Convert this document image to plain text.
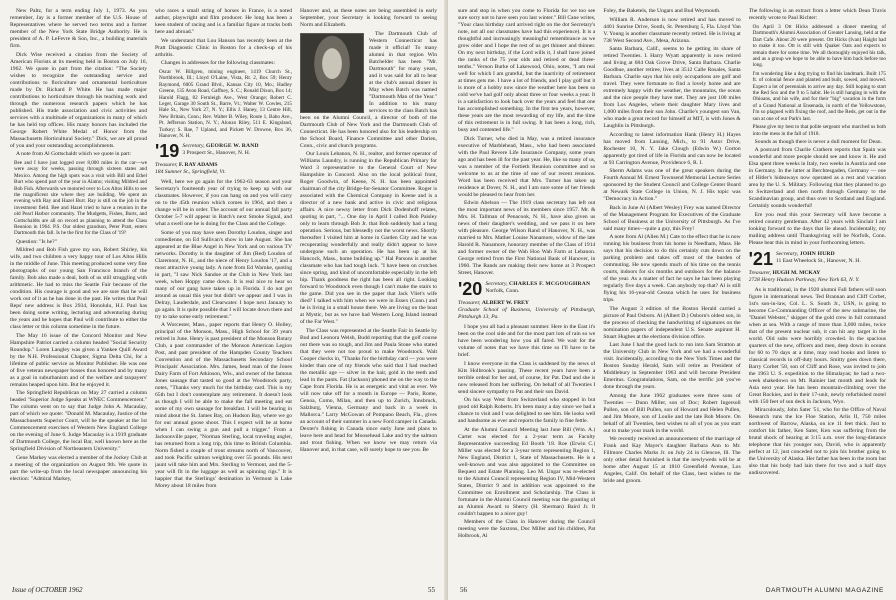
New Paltz, for a term ending July 1, 1973. As you remember, Jay is a former member of the U.S. House of Representatives where he served two terms and a former member of the New York State Bridge Authority. He is president of A. P. LeFevre & Son, Inc., a building materials firm.

Dick Wise received a citation from the Society of American Florists at its meeting held in Boston on July 16, 1962. We quote in part from the citation: "The Society wishes to recognize the outstanding service and contributions to floriculture and ornamental horticulture made by Dr. Richard P. White. He has made major contributions to horticulture through his teaching work and through the numerous research papers which he has published. His trade association and civic activities and services with a multitude of organizations in many of which he has held top offices. His many honors has included the George Robert White Medal of Honor from the Massachusetts Horticultural Society." Dick, we are all proud of you and your outstanding accomplishments.

A note from Al Gottschaldt which we quote in part:

Bee and I have just logged over 8,000 miles in the car—we were away for weeks, passing through sixteen states and Mexico. Among the high spots was a visit with Bill and Ethel Burt who spend part of the year in Alamo; visiting Mildred and Bob Fish. Afterwards we motored over to Los Altos Hills to see the magnificent site where they are building. We spent an evening with Ray and Hazel Burr. Ray is still on the job in the investment field. Bee and Hazel tried to have a reunion in the old Pearl Harbor community. The Mudgetts, Fishes, Burts, and Gottschaldts are all on record as planning to attend the Class Reunion in 1964. P.S. Our oldest grandson, Peter Pratt, enters Dartmouth this fall. Is he the first for the Class of '19?

Question: "Is he?"

Mildred and Bob Fish gave my son, Robert Shirley, his wife, and two children a very happy tour of Los Altos Hills in the middle of June. This meeting produced some very fine photographs of our young San Francisco branch of the family. Bob also made a deal, both of us still struggling with arithmetic. He had to miss the Seattle Fair because of the condition. His courage is good and we are sure that he will work out of it as he has done in the past. He writes that Paul Reps' new address is Box 2934, Honolulu, H.I. Paul has been doing some writing, lecturing and adventuring during the years and he hopes that Paul will contribute to either the class letter or this column sometime in the future.

The May 16 issue of the Concord Monitor and New Hampshire Patriot carried a column headed "Social Security Roundup." Loren Langley was given a Yankee Quill Award by the N.H. Professional Chapter, Sigma Delta Chi, for a lifetime of public service as Monitor Publisher. He was one of five veteran newspaper bosses thus honored and by many as a goal in suburbanism and of the welfare and taxpayers' remains heaped upon him. But he enjoyed it.

The Springfield Republican on May 27 carried a column headed "Superior Judge Speaks at WNEC Commencement." The column went on to say that Judge John A. Macaulay, part of which we quote: "Donald M. Macaulay, Justice of the Massachusetts Superior Court, will be the speaker at the 1st Commencement exercises of Western New England College on the evening of June 6. Judge Macaulay is a 1919 graduate of Dartmouth College, the local Bar, well known here as the Springfield Division of Northeastern University."

Gene Markey was elected a member of the Jockey Club at a meeting of the organization on August 9th. We quote in part the write-up from the local newspaper announcing his election: "Admiral Markey,

who races a small string of horses in France, is a noted author, playwright and film producer. He long has been a keen student of racing and is a familiar figure at tracks both here and abroad."

We understand that Lou Hanson has recently been at the Pratt Diagnostic Clinic in Boston for a check-up of his arthritis.

Changes in addresses for the following classmates:

Oscar W. Billgren, mining engineer, 1419 Church St., Northbrook, Ill.; Lloyd O'Laine, Vista, Rt. 2, Box 59; Henry Raymond, 6005 Grand Blvd., Kansas City 10, Mo.; Hadley Greene, 135 Avon Road, Gaffney, S. C.; Ronald Dixon, Box 14; Harold Flagg, 82 Fernleigh Ave., West Orange; Robert C. Leger, Garage 30 South St., Barre, Vt.; Walter W. Cowles, 215 Hale St., New York 27, N. Y.; Ellis J. Haney, 13 Centre Hill, New Britain, Conn.; Rev. Walter B. Wiley, Route 1, Babo Ave., Pt. Jefferson Station, N. Y.; Alonzo Riley, 511 E. Kingsland, Turkey; S. Rae, 7 Upland, and Pickett W. Drowne, Box 36, Hanover, N. H.
'19 Secretary, GEORGE W. RAND
3 Prospect St., Hanover, N. H.
Treasurer, F. RAY ADAMS
184 Sumner St., Springfield, Vt.

Well, here we go again for the 1962-63 season and your Secretary's fourteenth year of trying to keep up with our classmates. However, if you can hang on and you will carry on to the 45th reunion which comes in 1964, and then a change will be in order. The account of our annual fall party October 5-7 will appear in Batch's next Smoke Signal, and what a swell one he is doing for the Class and the College.

Some of you may have seen Dorothy Loudon, singer and comedienne, on Ed Sullivan's show in late August. She has appeared at the Blue Angel in New York and on various TV networks. Dorothy is the daughter of Jim (Red) Loudon of Claremont, N. H., and the niece of Henry Loudon '17, and a most attractive young lady. A note from Ed Warnke, quoting in part, "I saw Nick Sandoe at the Club in New York last week, when Hoppy came down. It is real nice to hear so many of our gang have taken up in Florida. I do not get around as usual this year but didn't we appear and I was in Delray, Lauderdale, and Clearwater. I hope next January to go again. It is quite possible that I will locate down there and try to take some early retirement."

A Worcester, Mass., paper reports that Henry O. Holley, principal of the Monson, Mass., High School for 39 years retired in June. Henry is past president of the Monson Rotary Club, a past commander of the Monson American Legion Post, and past president of the Hampden County Teachers Convention and of the Massachusetts Secondary School Principals' Association. Mrs. James, head man of the Jones Dairy Farm of Fort Atkinson, Wis., and owner of the famous Jones sausage that tasted so good at the Woodstock party, notes, "Thanks very much for the birthday card. This is my 65th but I don't contemplate any retirement. It doesn't look as though I will be able to make the fall meeting and eat some of my own sausage for breakfast. I will be bearing in mind about the St. James Bay, on Hudson Bay, where we go for our annual goose shoot. This I expect will be at home when I can swing a gun and pull a trigger." From a Jacksonville paper, "Norman Sterling, local traveling angler, has returned from a long trip, this time to British Columbia. Norm fished a couple of trout streams north of Vancouver, and took Pacific salmon weighing over 55 pounds. His next jaunt will take him and Mrs. Sterling to Vermont, and the 5-year will fit in the luggage as well as spinning rigs." It is happier that the Sterlings' destination in Vermont is Lake Morey about 18 miles from

Hanover and, as these notes are being assembled in early September, your Secretary is looking forward to seeing Norm and Elizabeth.

The Dartmouth Club of Western Connecticut has made it official! To many alumni in that region Win Batchelder has been "Mr. Dartmouth" for many years, and it was said for all to hear at the club's annual dinner in May when Batch was named "Dartmouth Man of the Year." In addition to his many services to the class Batch has been on the Alumni Council, a director of both of the Dartmouth Club of New York and the Dartmouth Club of Connecticut. He has been honored also for his leadership on the School Board, Finance Committee and other Darien, Conn., civic and church programs.

Our Louis Lebanon, N. H., realtor, and former operator of Williams Laundry, is running in the Republican Primary for Ward 3 representative to the General Court of New Hampshire in Concord. Also on the local political front, Roger Goodwin, of Keene, N. H. has been appointed chairman of the city Bridge-for-Senator Committee. Roger is associated with the Chemical Company in Keene and is a director of a new bank and active in civic and religious affairs. A nice newsy letter from Dick Dodenhoff relates, quoting in part, "... One day in April I called Bob Paisley only to learn through Bob Jr. that Bob suddenly had a lung operation. Serious, but blessedly not the worst news. Shortly thereafter I visited him at home in Garden City and he was recuperating wonderfully and really didn't appear to have undergone such an operation. He has been up at his Hancock, Mass., home building up." Hal Parsons is another classmate who has had tough luck. "I have been on crutches since spring, and kind of uncomfortable especially in the left hip. Thank goodness the right has been all right. Looking forward to Woodstock even though I can't make the stairs to the game. Did you see in the paper that Jack Vliet's wife died? I talked with him when we were in Essex (Conn.) and he is living in a small house there. We are living on the boat at Mystic, but as we have had Western Long Island instead of the Far West."

The Class was represented at the Seattle Fair in Seattle by Bud and Leonora Welsh, Budd reporting that the golf course out there was so tough, and Jim and Paula Stone who stated that they were not too proud to make Woodstock. Walt Cooper checks in, "Thanks for the birthday card — you were kinder than one of my friends who said that I had reached the metallic age — silver in the hair, gold in the teeth and lead in the pants. Fat (Jackson) phoned me on the way to the Cape from Florida. He is as energetic and vital as ever. We will now take off for a month in Europe — Paris, Rome, Genoa, Como, Milan, and then up to Zurich, Innsbruck, Salzburg, Vienna, Germany and back in a week in Mallorca." Larry McGowan of Pompano Beach, Fla., gives an account of their summer in a new Ford camper in Canada. Dexter's fishing in Canada since early June and plans to leave here and head for Moosehead Lake and try the salmon and trout fishing. When we know we may return via Hanover and, in that case, will surely hope to see you. Be

Issue of OCTOBER 1962	55

sure and stop in when you come to Florida for we too see sure sorry not to have seen you last winter." Bill Cane writes, "Your class birthday card arrived right on the dot Secretary's note, not all our classmates have had this experience). It is a thoughtful and increasingly meaningful remembrance as we grow older and I hope the rest of us get thinner and thinner. On my next birthday, if the Lord wills it, I shall have joined the ranks of the 75 year olds and retired or dead three-tenths." Vernon Burke of Lakewood, Ohio, notes, "I am real well for which I am grateful, but the inactivity of retirement at times gets me. I have a lot of friends, and I play golf but it is more of a hobby now since the weather here has been so cold we've had golf only about three or four weeks a year. It is a satisfaction to look back over the years and feel that one has accomplished something. In the first ten years, however, these years are the most rewarding of my life, and the time of this retirement is in full swing. It has been a long, rich, busy and contented life."

Dick Turner, who died in May, was a retired insurance executive of Marblehead, Mass., who had been associated with the Paul Revere Life Insurance Company, some years ago and has been ill for the past year. He, like so many of us, was a member of the Fortieth Reunion committee and so welcome to us at the time of one of our recent reunions. Word has been received that Mrs. Turner has taken up residence at Dover, N. H., and I am sure some of her friends would be pleased to hear from her.

Edwin Abelson — The 1919 class secretary has left out the most important news of its members since 1957. Mr. & Mrs. H. Tallman of Penacook, N. H., have also given us news of their daughter's wedding, and we pass it on here with pleasure. George Wilson Rand of Hanover, N. H., was married to Mrs. Mather Louise Nanamore, widow of the late Harold R. Nanamore, honorary member of the Class of 1914 and former owner of the Wah Hoo Wah Farm at Lebanon. George retired from the First National Bank of Hanover, in 1960. The Rands are making their new home at 3 Prospect Street, Hanover.

'20 Secretary, CHARLES F. MCGOUGHRAN
Norfolk, Conn.
Treasurer, ALBERT W. FREY
Graduate School of Business, University of Pittsburgh, Pittsburgh 13, Pa.

I hope you all had a pleasant summer. Here in the East it's been on the cool side and for the most part lots of rain so we have been wondering how you all fared. We wait for the volume of notes that we have this time so I'll have to be brief.

I know everyone in the Class is saddened by the news of Kits Holbrook's passing. These recent years have been a terrible ordeal for her and, of course, for Pat. Dad and she is now released from her suffering. On behalf of all Twenties I send sincere sympathy to Pat and their son David.

On his way West from Switzerland who stopped in but good old Ralph Roberts. It's been many a day since we had a chance to visit and I was delighted to see him. He looks well and handsome as ever and reports the family in fine fettle.

At the Alumni Council Meeting last June Bill (Wm. A.) Carter was elected for a 2-year term as Faculty Representative succeeding Ed Booth '18. Roe (Erwin C.) Miller was elected for a 3-year term representing Region 1, New England, District 1, State of Massachusetts. He is a well-known and was also appointed to the Committee on Bequest and Estate Planning. Leo M. Ungar was re-elected to the Alumni Council representing Region IV, Mid-Western States, District 9 and in addition was appointed to the Committee on Enrollment and Scholarship. The Class is fortunate in the Alumni Council meeting was the granting of an Alumni Award to Sherry (H. Sherman) Baird Jr. It couldn't happen to a nicer guy!

Members of the Class in Hanover during the Council meeting were the Saxtons, Doc Miller and his children, Pat Holbrook, Al

Foley, the Baketels, the Ungars and Bud Weymouth.

William R. Anderson is now retired and has moved to 4401 Sunrise Drive, South, St. Petersburg 5, Fla. Lloyd Van V. Young is another classmate recently retired. He is living at 738 West Second Ave., Mesa, Arizona.

Santa Barbara, Calif., seems to be getting its share of retired Twenties. I. Harry Wyatt apparently is now retired and living at 684 Oak Grove Drive, Santa Barbara. Charlie Goodhue, another retiree, lives at 3512 Calle Rosales, Santa Barbara. Charlie says that his only occupations are golf and travel. They were fortunate to find a lovely home and are extremely happy with the weather, the mountains, the ocean and the nice people they have met. They are just 100 miles from Los Angeles, where their daughter Mary lives and 1,000 miles from their son John. Charlie's youngest son Van, who made a great record for himself at MIT, is with Jones & Laughlin in Pittsburgh.

According to latest information Hank (Henry H.) Hayes has moved from Lansing, Mich., to 91 Astor Drive, Rochester 10, N. Y. Jake Clough (Edwin W.) Gorton apparently got tired of life in Florida and can now be located at 93 Carrington Avenue, Providence 6, R. I.

Sherm Adams was one of the great speakers during the Fourth Annual M. Ernest Townsend Memorial Lecture Series sponsored by the Student Council and College Center Board at Newark State College in Union, N. J. His topic was "Democracy in Action."

Back in June Al (Albert Wesley) Frey was named Director of the Management Program for Executives of the Graduate School of Business at the University of Pittsburgh. As I've said many times—quite a guy, this Frey!

A note from Al (Allen M.) Cate to the effect that he is now running his business from his home in Needham, Mass. He says that his decision to do this certainly cuts down on the parking problem and takes off most of the burden of commuting. He now spends much of his time on the tennis courts, indoors for six months and outdoors for the balance of the year. As a matter of fact he says he has been playing regularly five days a week. Can anybody top that? Al is still flying his 16-year-old Cessna which he uses for business trips.

The August 3 edition of the Boston Herald carried a picture of Paul Osborn. Al (Albert D.) Osborn's oldest son, in the process of checking the handwriting of signatures on the nomination papers of independent U.S. Senate aspirant H. Stuart Hughes at the elections division office.

Last June I had the good luck to run into Sam Stratton at the University Club in New York and we had a wonderful visit. Incidentally, according to the New York Times and the Boston Sunday Herald, Sam will retire as President of Middlebury in September 1963 and will become President Emeritus. Congratulations, Sam, on the terrific job you've done through the years.

Among the June 1962 graduates were three sons of Twenties — Dunn Miller, son of Doc; Robert Ingersoll Pullen, son of Bill Pullen, son of Howard and Helen Pullen, and Jim Moore, son of Loulie and the late Bob Moore. On behalf of all Twenties, best wishes to all of you as you start out to make your mark in the world.

We recently received an announcement of the marriage of Frank and Kay Mayer's daughter Barbara Ann to Mr. Fillmore Charles Marks Jr. on July 24 in Glencoe, Ill. The only other detail furnished is that the newlyweds will be at home after August 15 at 1810 Greenfield Avenue, Los Angeles, Calif. On behalf of the Class, best wishes to the bride and groom.

The following is an extract from a letter which Dean Travis recently wrote to Paul Richter:

On April 3 Ott Hicks addressed a dinner meeting of Dartmouth's Alumni Association of Greater Lansing, held at the Dart Cafe. About 20 were present. Ott Hicks (Ivan) Haight had to make it too. Ott is still with Quaker Oats and expects to remain there for some time. We all thoroughly enjoyed his talk, and as a group we hope to be able to have him back before too long.
I'm wondering like a dog trying to find his landmark. Built 175 ft. of colonial fence and planted and built, sowed, and mowed. Expect a lot of perennials to arrive any day. Still hoping to start the Red Sox and the 9 to 5 habit. He is still hanging in with the Ohioans, and his wife, and for their "big" vacation in the form of a Grand National at Ensenada, in north of the Yellowstone, I'm so plagued with fixing the roof, and the Reds, get out in the sun at one of our Park's last.
Please give my best to that polite sergeant who marched us both into the mess in the fall of 1918.

Sounds as though there is never a dull moment for Dean.

A postcard from Charlie Crathern reports that Spain was wonderful and more people should see and know it. He and Elsa spent three weeks in Italy, two weeks in Austria and one in Germany. In the latter at Berchtesgaden, Germany — one of Hitler's hideaways now operated as a rest and vacation area by the U. S. Military. Following that they planned to go to Switzerland and then north through Germany to the Scandinavian group, and thus over to Scotland and England. Certainly sounds wonderful!

Ere you read this your Secretary will have become a retired country gentleman. After 42 years with Sinclair I am looking forward to the days that lie ahead. Incidentally, my mailing address until Thanksgiving will be Norfolk, Conn. Please bear this in mind in your forthcoming letters.

'21 Secretary, JOHN HURD
11 East Wheelock St., Hanover, N. H.
Treasurer, HUGH M. MCKAY
2728 Henry Hudson Parkway, New York 63, N. Y.

As is traditional, in the 1920 alumni Fall fathers will soon figure in international news. Ted Brannan and Cliff Corbet, 1st's son-in-law, Col. L. S. South Jr., USN, is going to become Co-Commanding Officer of the new submarine, the "Daniel Webster," skipper of the gold crew in full command when at sea. With a range of more than 3,000 miles, twice that of the present nuclear sub, it can hit any target in the world. Old subs were horribly crowded. In the spacious quarters of the new, officers and men, deep down in oceans for 60 to 70 days at a time, may read books and listen to classical records in off-duty hours. Smitty goes down there, Barry Corbet '58, son of Cliff and Rose, was invited to join the 1963 U. S. expedition to the Himalayas; he had a two-week shakedown on Mt. Rainier last month and leads for Asia next year. He has been mountain-climbing over the Great Rockies, and in their 17-unit, newly refurbished motel with 150 feet of sun deck in Jackson, Wyo.

Miraculously, John Sater '51, who for the Office of Naval Research runs the Ice Floe Station, Arlis II, 750 miles northwest of Barrow, Alaska, on ice 11 feet thick. Just to comfort his father, Ken Sater, Ken was suffering from the brutal shock of hearing at 3:15 a.m. over the long-distance telephone that his younger son, David, who is apparently perfect at 12, just conceded not to join his brother going to the University of Alaska. Her father has been in the room but also that his body had lain there for two and a half days undiscovered.

56	DARTMOUTH ALUMNI MAGAZINE
